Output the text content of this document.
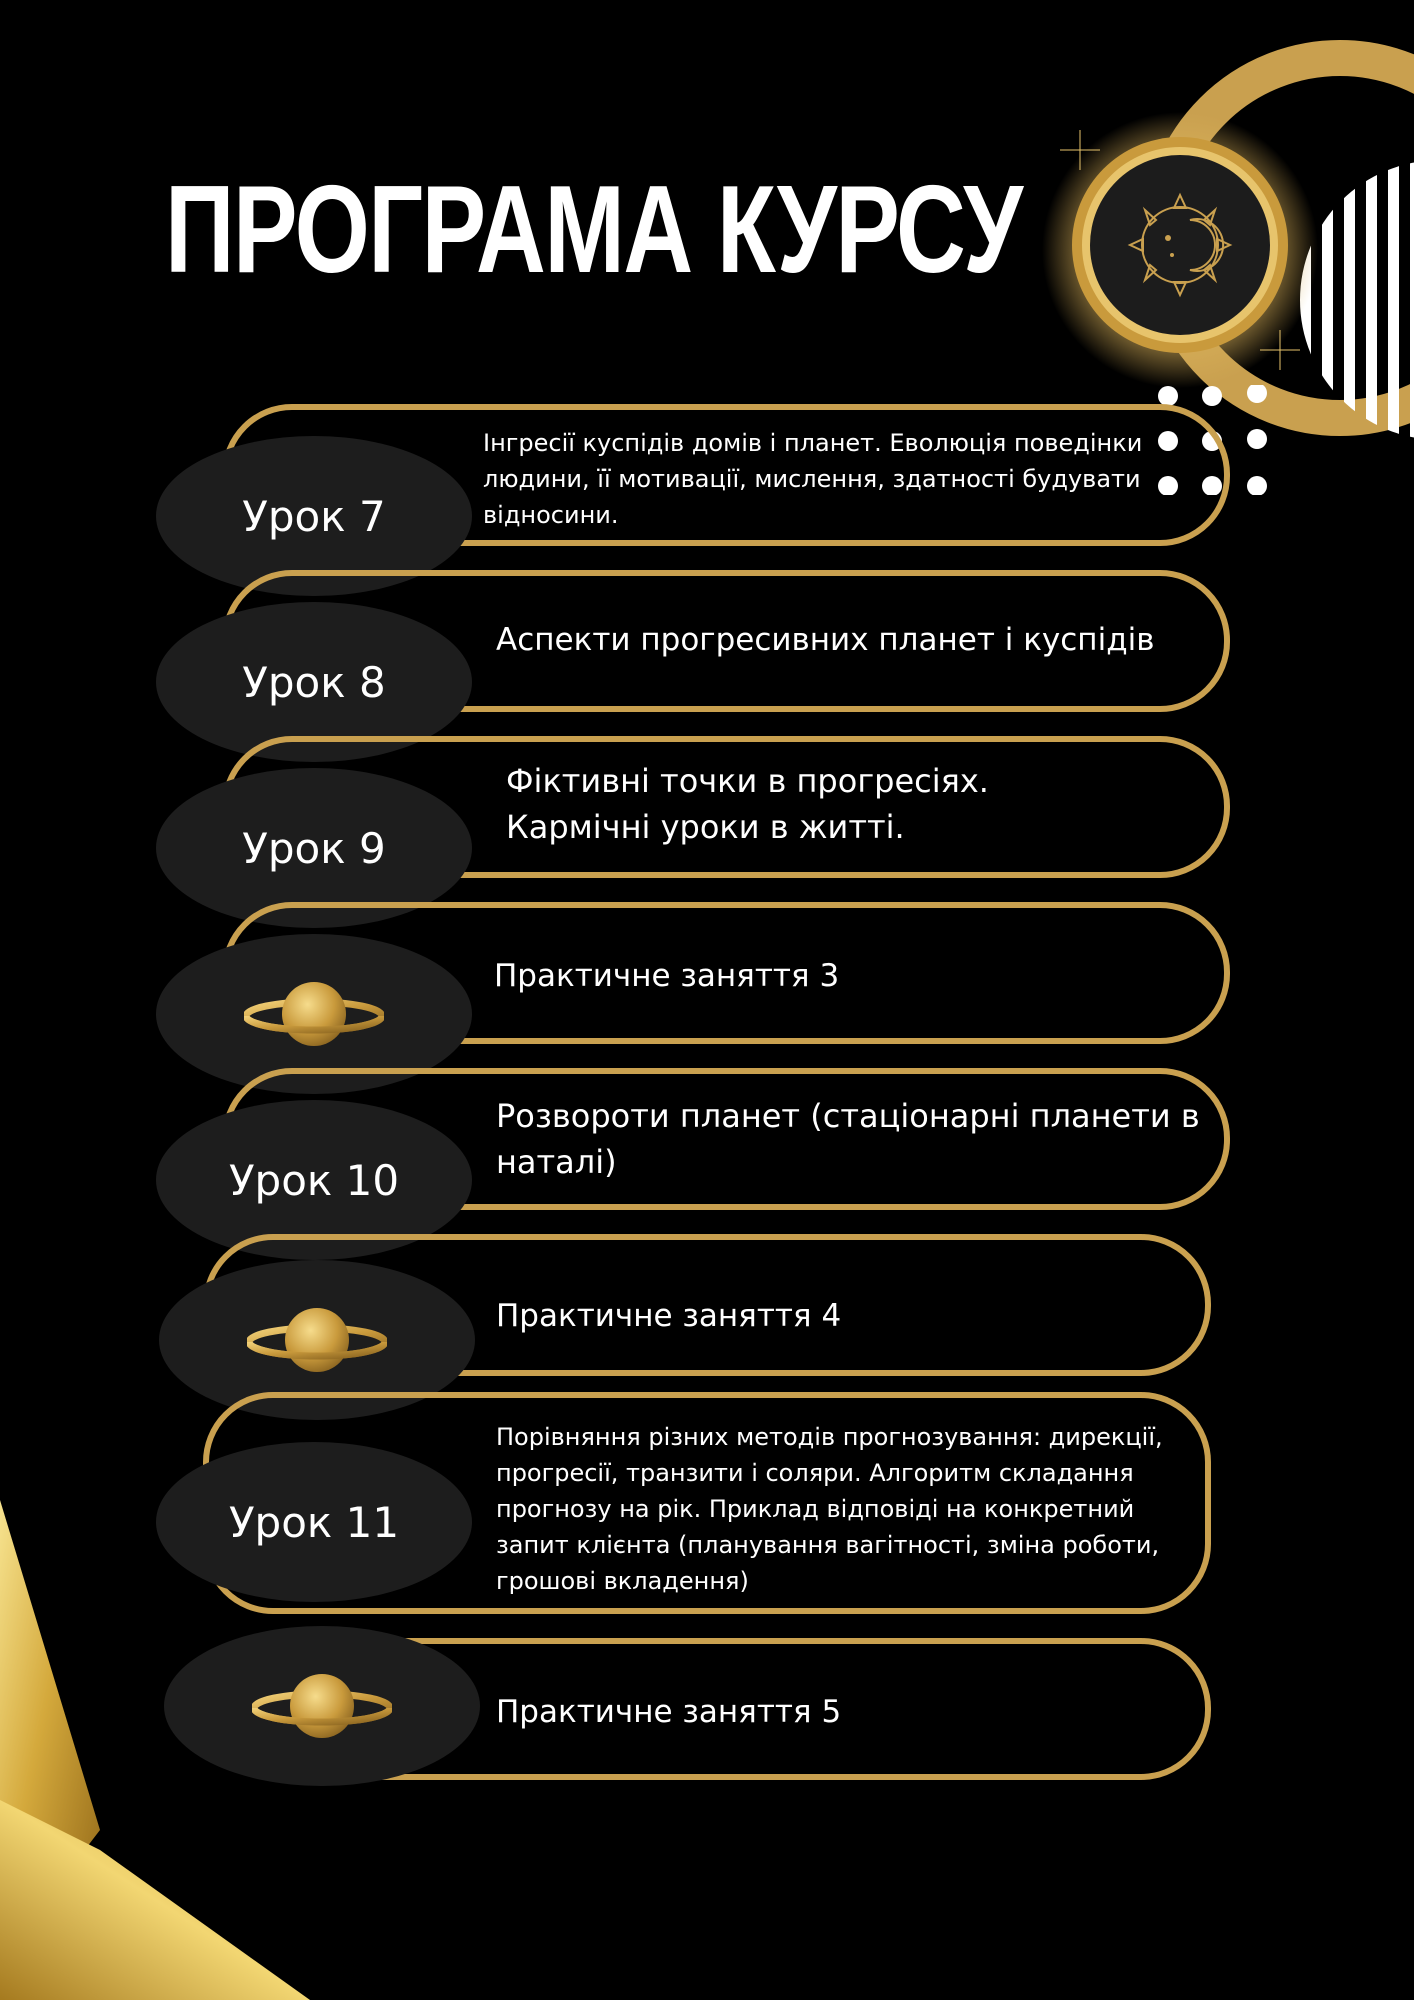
ПРОГРАМА КУРСУ
Урок 7
Інгресії куспідів домів і планет. Еволюція поведінки
людини, її мотивації, мислення, здатності будувати
відносини.
Урок 8
Аспекти прогресивних планет і куспідів
Урок 9
Фіктивні точки в прогресіях.
Кармічні уроки в житті.
Практичне заняття 3
Урок 10
Розвороти планет (стаціонарні планети в
наталі)
Практичне заняття 4
Урок 11
Порівняння різних методів прогнозування: дирекції,
прогресії, транзити і соляри. Алгоритм складання
прогнозу на рік. Приклад відповіді на конкретний
запит клієнта (планування вагітності, зміна роботи,
грошові вкладення)
Практичне заняття 5
